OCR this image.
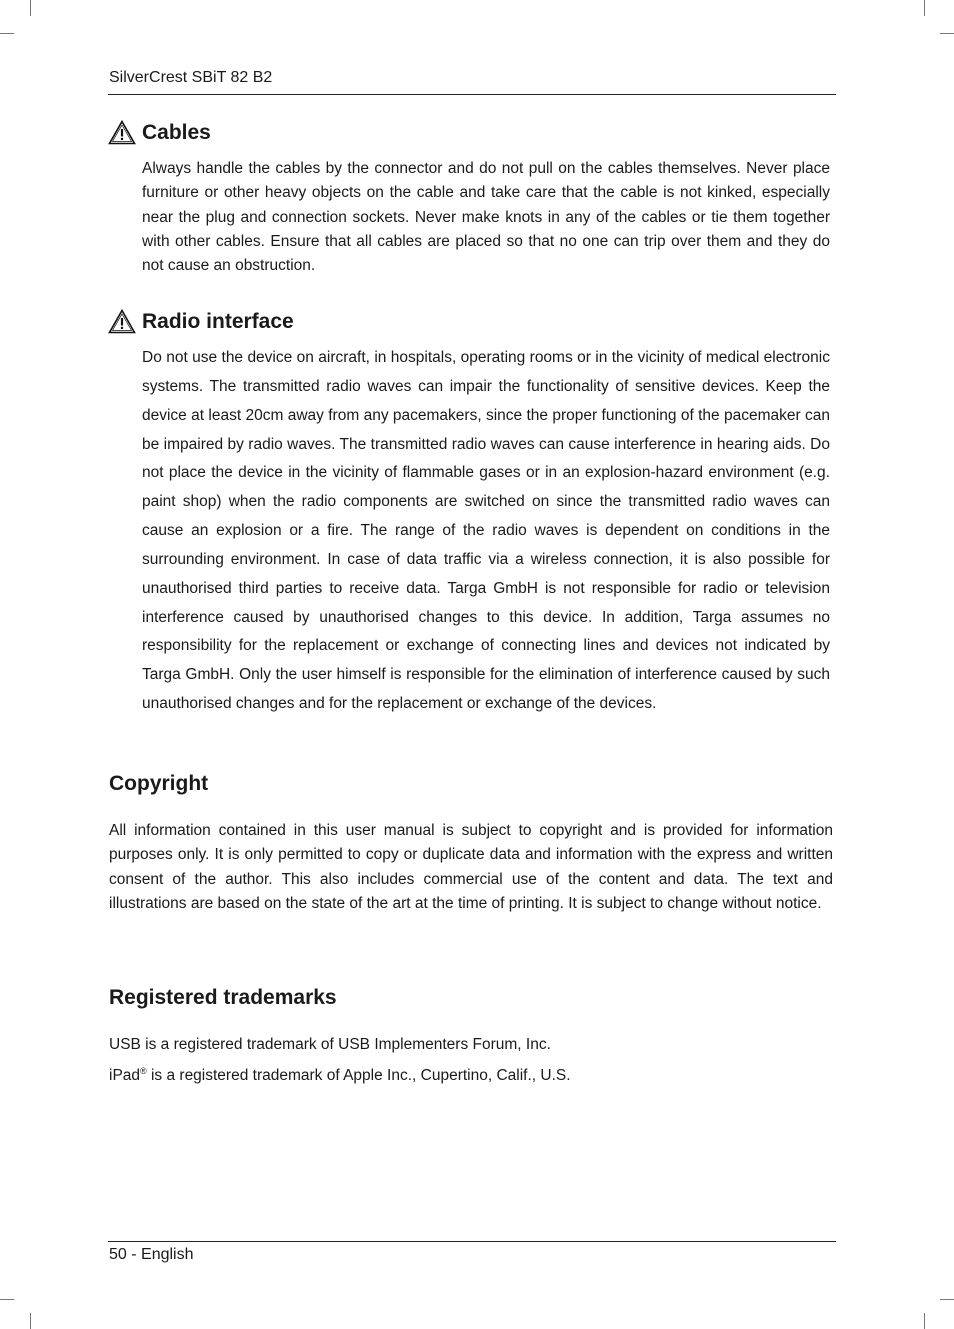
SilverCrest SBiT 82 B2
Cables

Always handle the cables by the connector and do not pull on the cables themselves. Never place furniture or other heavy objects on the cable and take care that the cable is not kinked, especially near the plug and connection sockets. Never make knots in any of the cables or tie them together with other cables. Ensure that all cables are placed so that no one can trip over them and they do not cause an obstruction.

Radio interface

Do not use the device on aircraft, in hospitals, operating rooms or in the vicinity of medical electronic systems. The transmitted radio waves can impair the functionality of sensitive devices. Keep the device at least 20cm away from any pacemakers, since the proper functioning of the pacemaker can be impaired by radio waves. The transmitted radio waves can cause interference in hearing aids. Do not place the device in the vicinity of flammable gases or in an explosion-hazard environment (e.g. paint shop) when the radio components are switched on since the transmitted radio waves can cause an explosion or a fire. The range of the radio waves is dependent on conditions in the surrounding environment. In case of data traffic via a wireless connection, it is also possible for unauthorised third parties to receive data. Targa GmbH is not responsible for radio or television interference caused by unauthorised changes to this device. In addition, Targa assumes no responsibility for the replacement or exchange of connecting lines and devices not indicated by Targa GmbH. Only the user himself is responsible for the elimination of interference caused by such unauthorised changes and for the replacement or exchange of the devices.

Copyright

All information contained in this user manual is subject to copyright and is provided for information purposes only. It is only permitted to copy or duplicate data and information with the express and written consent of the author. This also includes commercial use of the content and data. The text and illustrations are based on the state of the art at the time of printing. It is subject to change without notice.

Registered trademarks

USB is a registered trademark of USB Implementers Forum, Inc.

iPad® is a registered trademark of Apple Inc., Cupertino, Calif., U.S.

50 - English
